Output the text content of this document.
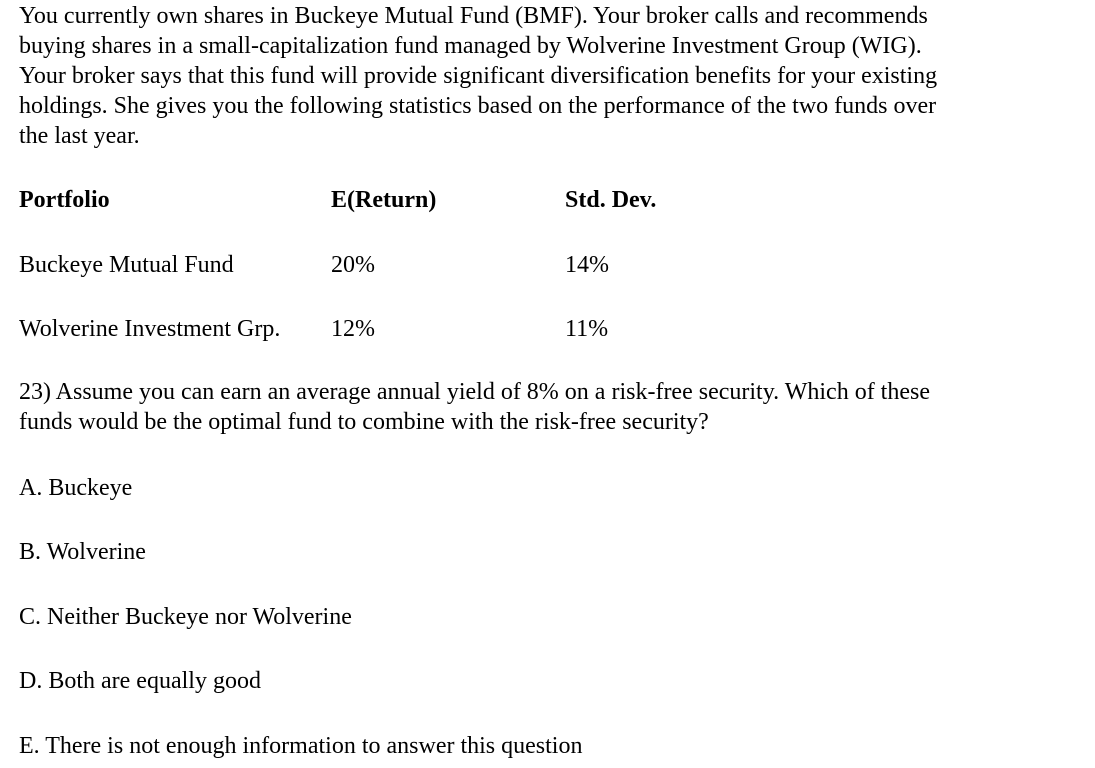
You currently own shares in Buckeye Mutual Fund (BMF). Your broker calls and recommends
buying shares in a small-capitalization fund managed by Wolverine Investment Group (WIG).
Your broker says that this fund will provide significant diversification benefits for your existing
holdings. She gives you the following statistics based on the performance of the two funds over
the last year.
Portfolio	E(Return)	Std. Dev.
Buckeye Mutual Fund	20%	14%
Wolverine Investment Grp. 12%	11%
23) Assume you can earn an average annual yield of 8% on a risk-free security. Which of these
funds would be the optimal fund to combine with the risk-free security?
A. Buckeye
B. Wolverine
C. Neither Buckeye nor Wolverine
D. Both are equally good
E. There is not enough information to answer this question
